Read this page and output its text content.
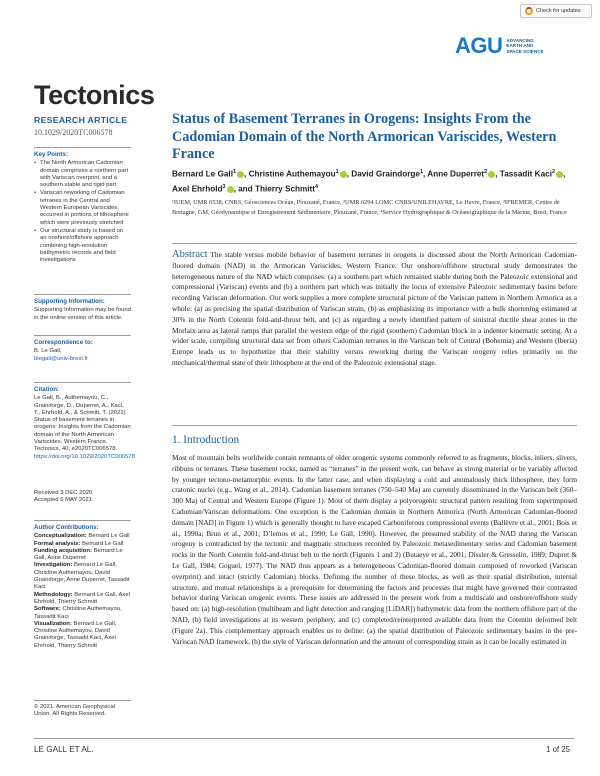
Check for updates
AGU ADVANCING
EARTH AND
SPACE SCIENCE
Tectonics
RESEARCH ARTICLE
10.1029/2020TC006578
Key Points:
• The North Armorican Cadomian domain comprises a northern part with Variscan overprint, and a southern stable and rigid part
• Variscan reworking of Cadomian terranes in the Central and Western European Variscides, occurred in portions of lithosphere which were previously stretched
• Our structural study is based on an onshore/offshore approach combining high-resolution bathymetric records and field investigations
Supporting Information:

Supporting Information may be found in the online version of this article.

Correspondence to:

B. Le Gall,

blegall@univ-brest.fr

Citation:

Le Gall, B., Authemayou, C., Graindorge, D., Duperret, A., Kaci, T., Ehrhold, A., & Schmitt, T. (2021). Status of basement terranes in orogens: Insights from the Cadomian domain of the North Armorican Variscides, Western France. Tectonics, 40, e2020TC006578.

https://doi.org/10.1029/2020TC006578

Received 3 DEC 2020

Accepted 6 MAY 2021

Author Contributions:

Conceptualization: Bernard Le Gall

Formal analysis: Bernard Le Gall

Funding acquisition: Bernard Le Gall, Anne Duperret

Investigation: Bernard Le Gall, Christine Authemayou, David Graindorge, Anne Duperret, Tassadit Kaci

Methodology: Bernard Le Gall, Axel Ehrhold, Thierry Schmitt

Software: Christine Authemayou, Tassadit Kaci

Visualization: Bernard Le Gall, Christine Authemayou, David Graindorge, Tassadit Kaci, Axel Ehrhold, Thierry Schmitt

© 2021. American Geophysical Union. All Rights Reserved.

Status of Basement Terranes in Orogens: Insights From the Cadomian Domain of the North Armorican Variscides, Western France
Bernard Le Gall$^1$ , Christine Authemayou$^1$ , David Graindorge$^1$, Anne Duperret$^2$ , Tassadit Kaci$^2$ , Axel Ehrhold$^3$ , and Thierry Schmitt$^4$
¹IUEM, UMR 6538, CNRS, Géosciences Océan, Plouzané, France, ²UMR 6294 LOMC CNRS/UNILEHAVRE, Le Havre, France, ³IFREMER, Centre de Bretagne, GM, Géodynamique et Enregistrement Sédimentaire, Plouzané, France, ⁴Service Hydrographique & Océanographique de la Marine, Brest, France
Abstract The stable versus mobile behavior of basement terranes in orogens is discussed about the North Armorican Cadomian-floored domain (NAD) in the Armorican Variscides, Western France. Our onshore/offshore structural study demonstrates the heterogeneous nature of the NAD which comprises: (a) a southern part which remained stable during both the Paleozoic extensional and compressional (Variscan) events and (b) a northern part which was initially the locus of extensive Paleozoic sedimentary basins before recording Variscan deformation. Our work supplies a more complete structural picture of the Variscan pattern in Northern Armorica as a whole: (a) as precising the spatial distribution of Variscan strain, (b) as emphasizing its importance with a bulk shortening estimated at 30% in the North Cotentin fold-and-thrust belt, and (c) as regarding a newly identified pattern of sinistral ductile shear zones in the Morlaix area as lateral ramps that parallel the western edge of the rigid (southern) Cadomian block in a indenter kinematic setting. At a wider scale, compiling structural data set from others Cadomian terranes in the Variscan belt of Central (Bohemia) and Western (Iberia) Europe leads us to hypothetize that their stability versus reworking during the Variscan orogeny relies primarily on the mechanical/thermal state of their lithosphere at the end of the Paleozoic extensional stage.
1. Introduction
Most of mountain belts worldwide contain remnants of older orogenic systems commonly referred to as fragments, blocks, inliers, slivers, ribbons or terranes. These basement rocks, named as “terranes” in the present work, can behave as strong material or be variably affected by younger tectono-metamorphic events. In the latter case, and when displaying a cold and anomalously thick lithosphere, they form cratonic nuclei (e.g., Wang et al., 2014). Cadomian basement terranes (750–540 Ma) are currently disseminated in the Variscan belt (360–300 Ma) of Central and Western Europe (Figure 1). Most of them display a polyorogenic structural pattern resulting from superimposed Cadomian/Variscan deformations. One exception is the Cadomian domain in Northern Armorica (North Armorican Cadomian-floored domain [NAD] in Figure 1) which is generally thought to have escaped Carboniferous compressional events (Ballèvre et al., 2001; Bois et al., 1990a; Brun et al., 2001; D’lemos et al., 1990; Le Gall, 1990). However, the presumed stability of the NAD during the Variscan orogeny is contradicted by the tectonic and magmatic structures recorded by Paleozoic metasedimentary series and Cadomian basement rocks in the North Cotentin fold-and-thrust belt to the north (Figures 1 and 2) (Butaeye et al., 2001; Dissler & Gresselin, 1989; Dupret & Le Gall, 1984; Goguel, 1977). The NAD thus appears as a heterogeneous Cadomian-floored domain composed of reworked (Variscan overprint) and intact (strictly Cadomian) blocks. Defining the number of these blocks, as well as their spatial distribution, internal structure, and mutual relationships is a prerequisite for determining the factors and processes that might have governed their contrasted behavior during Variscan orogenic events. These issues are addressed in the present work from a multiscale and onshore/offshore study based on: (a) high-resolution (multibeam and light detection and ranging [LiDAR]) bathymetric data from the northern offshore part of the NAD, (b) field investigations at its western periphery, and (c) completed/reinterpreted available data from the Cotentin deformed belt (Figure 2a). This complementary approach enables us to define: (a) the spatial distribution of Paleozoic sedimentary basins in the pre-Variscan NAD framework, (b) the style of Variscan deformation and the amount of corresponding strain as it can be locally estimated in
LE GALL ET AL.	1 of 25
